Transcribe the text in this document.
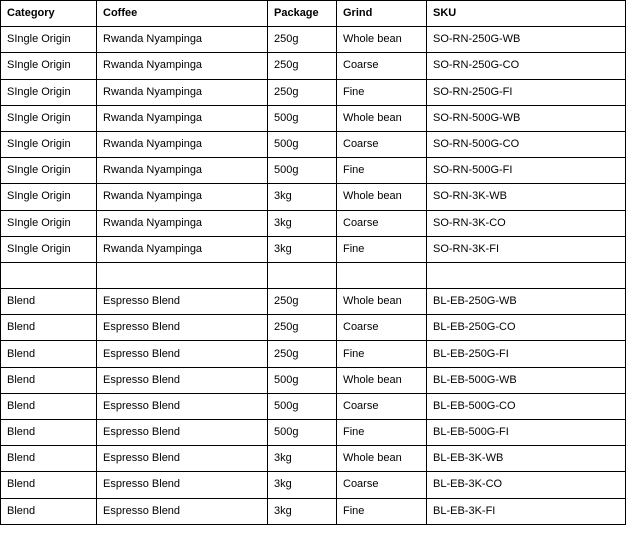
Category	Coffee	Package	Grind	SKU
SIngle Origin	Rwanda Nyampinga	250g	Whole bean	SO-RN-250G-WB
SIngle Origin	Rwanda Nyampinga	250g	Coarse	SO-RN-250G-CO
SIngle Origin	Rwanda Nyampinga	250g	Fine	SO-RN-250G-FI
SIngle Origin	Rwanda Nyampinga	500g	Whole bean	SO-RN-500G-WB
SIngle Origin	Rwanda Nyampinga	500g	Coarse	SO-RN-500G-CO
SIngle Origin	Rwanda Nyampinga	500g	Fine	SO-RN-500G-FI
SIngle Origin	Rwanda Nyampinga	3kg	Whole bean	SO-RN-3K-WB
SIngle Origin	Rwanda Nyampinga	3kg	Coarse	SO-RN-3K-CO
SIngle Origin	Rwanda Nyampinga	3kg	Fine	SO-RN-3K-FI

Blend	Espresso Blend	250g	Whole bean	BL-EB-250G-WB
Blend	Espresso Blend	250g	Coarse	BL-EB-250G-CO
Blend	Espresso Blend	250g	Fine	BL-EB-250G-FI
Blend	Espresso Blend	500g	Whole bean	BL-EB-500G-WB
Blend	Espresso Blend	500g	Coarse	BL-EB-500G-CO
Blend	Espresso Blend	500g	Fine	BL-EB-500G-FI
Blend	Espresso Blend	3kg	Whole bean	BL-EB-3K-WB
Blend	Espresso Blend	3kg	Coarse	BL-EB-3K-CO
Blend	Espresso Blend	3kg	Fine	BL-EB-3K-FI
